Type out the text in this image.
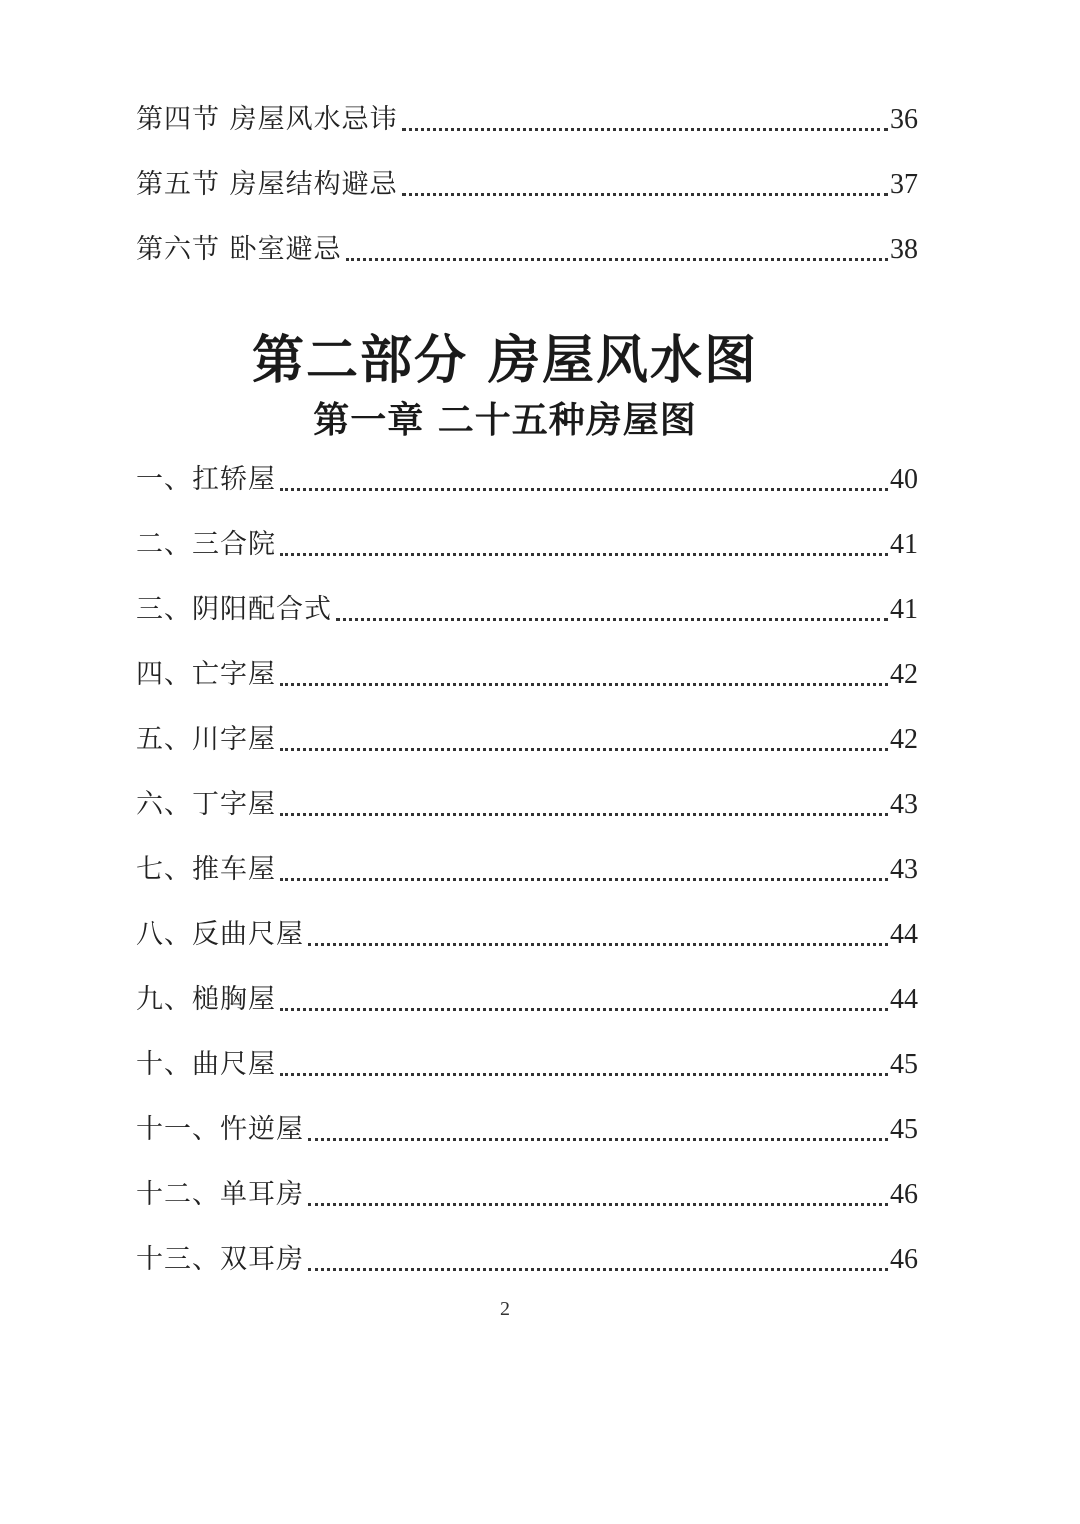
第四节 房屋风水忌讳	36
第五节 房屋结构避忌	37
第六节 卧室避忌	38
第二部分 房屋风水图
第一章 二十五种房屋图
一、扛轿屋	40
二、三合院	41
三、阴阳配合式	41
四、亡字屋	42
五、川字屋	42
六、丁字屋	43
七、推车屋	43
八、反曲尺屋	44
九、槌胸屋	44
十、曲尺屋	45
十一、忤逆屋	45
十二、单耳房	46
十三、双耳房	46
2
